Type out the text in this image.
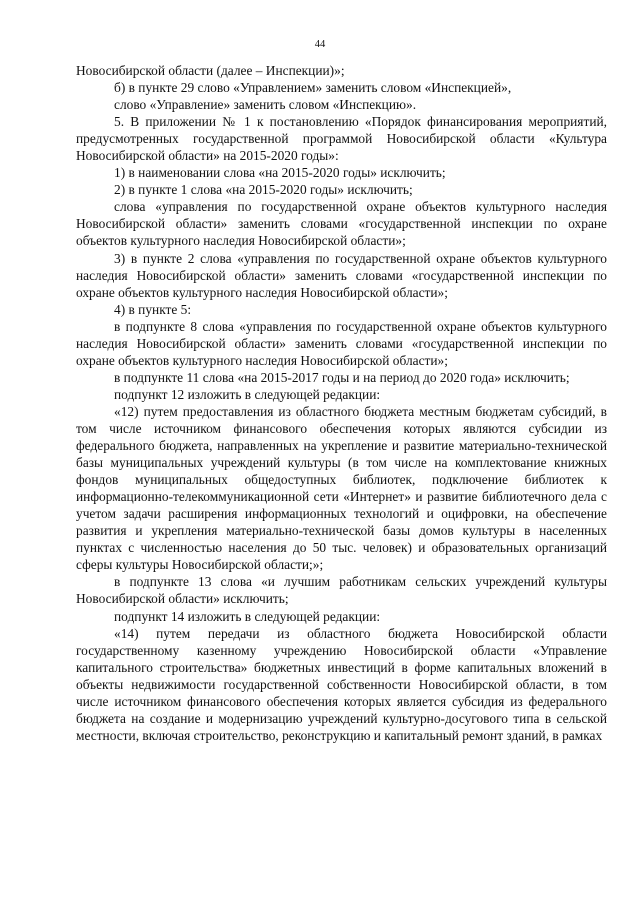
44

Новосибирской области (далее – Инспекции)»;

б) в пункте 29 слово «Управлением» заменить словом «Инспекцией»,

слово «Управление» заменить словом «Инспекцию».

5. В приложении № 1 к постановлению «Порядок финансирования мероприятий, предусмотренных государственной программой Новосибирской области «Культура Новосибирской области» на 2015-2020 годы»:

1) в наименовании слова «на 2015-2020 годы» исключить;

2) в пункте 1 слова «на 2015-2020 годы» исключить;

слова «управления по государственной охране объектов культурного наследия Новосибирской области» заменить словами «государственной инспекции по охране объектов культурного наследия Новосибирской области»;

3) в пункте 2 слова «управления по государственной охране объектов культурного наследия Новосибирской области» заменить словами «государственной инспекции по охране объектов культурного наследия Новосибирской области»;

4) в пункте 5:

в подпункте 8 слова «управления по государственной охране объектов культурного наследия Новосибирской области» заменить словами «государственной инспекции по охране объектов культурного наследия Новосибирской области»;

в подпункте 11 слова «на 2015-2017 годы и на период до 2020 года» исключить;

подпункт 12 изложить в следующей редакции:

«12) путем предоставления из областного бюджета местным бюджетам субсидий, в том числе источником финансового обеспечения которых являются субсидии из федерального бюджета, направленных на укрепление и развитие материально-технической базы муниципальных учреждений культуры (в том числе на комплектование книжных фондов муниципальных общедоступных библиотек, подключение библиотек к информационно-телекоммуникационной сети «Интернет» и развитие библиотечного дела с учетом задачи расширения информационных технологий и оцифровки, на обеспечение развития и укрепления материально-технической базы домов культуры в населенных пунктах с численностью населения до 50 тыс. человек) и образовательных организаций сферы культуры Новосибирской области;»;

в подпункте 13 слова «и лучшим работникам сельских учреждений культуры Новосибирской области» исключить;

подпункт 14 изложить в следующей редакции:

«14) путем передачи из областного бюджета Новосибирской области государственному казенному учреждению Новосибирской области «Управление капитального строительства» бюджетных инвестиций в форме капитальных вложений в объекты недвижимости государственной собственности Новосибирской области, в том числе источником финансового обеспечения которых является субсидия из федерального бюджета на создание и модернизацию учреждений культурно-досугового типа в сельской местности, включая строительство, реконструкцию и капитальный ремонт зданий, в рамках
